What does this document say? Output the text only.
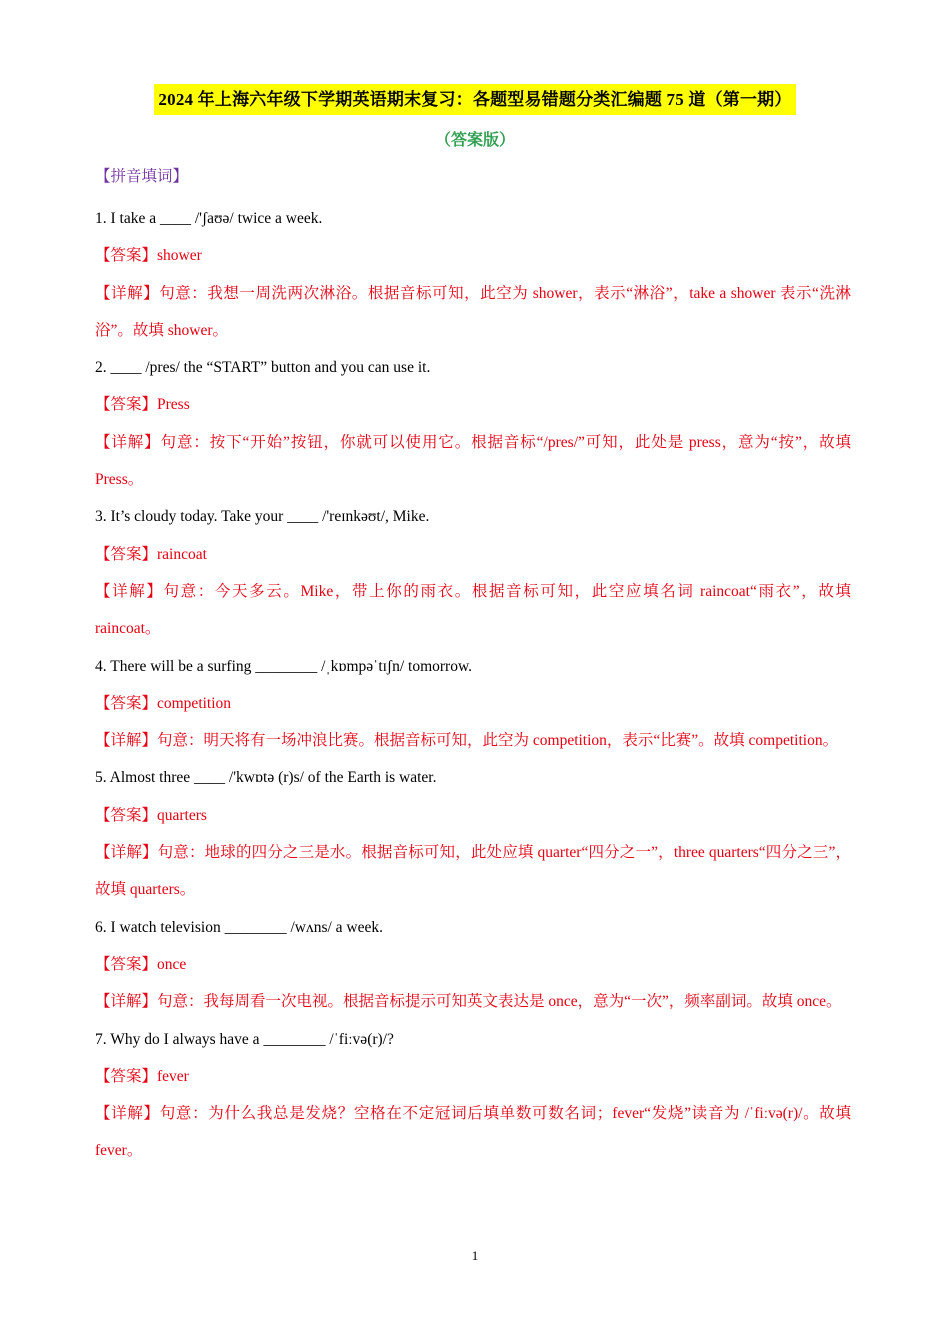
2024 年上海六年级下学期英语期末复习：各题型易错题分类汇编题 75 道（第一期）
（答案版）
【拼音填词】

1. I take a ____ /'ʃaʊə/ twice a week.

【答案】shower

【详解】句意：我想一周洗两次淋浴。根据音标可知，此空为 shower，表示“淋浴”，take a shower 表示“洗淋浴”。故填 shower。

2. ____ /pres/ the “START” button and you can use it.

【答案】Press

【详解】句意：按下“开始”按钮，你就可以使用它。根据音标“/pres/”可知，此处是 press，意为“按”，故填 Press。

3. It’s cloudy today. Take your ____ /'reɪnkəʊt/, Mike.

【答案】raincoat

【详解】句意：今天多云。Mike，带上你的雨衣。根据音标可知，此空应填名词 raincoat“雨衣”，故填 raincoat。

4. There will be a surfing ________ /ˌkɒmpəˈtɪʃn/ tomorrow.

【答案】competition

【详解】句意：明天将有一场冲浪比赛。根据音标可知，此空为 competition，表示“比赛”。故填 competition。

5. Almost three ____ /'kwɒtə (r)s/ of the Earth is water.

【答案】quarters

【详解】句意：地球的四分之三是水。根据音标可知，此处应填 quarter“四分之一”，three quarters“四分之三”，故填 quarters。

6. I watch television ________ /wʌns/ a week.

【答案】once

【详解】句意：我每周看一次电视。根据音标提示可知英文表达是 once，意为“一次”，频率副词。故填 once。

7. Why do I always have a ________ /ˈfiːvə(r)/?

【答案】fever

【详解】句意：为什么我总是发烧？空格在不定冠词后填单数可数名词；fever“发烧”读音为 /ˈfiːvə(r)/。故填 fever。

1
